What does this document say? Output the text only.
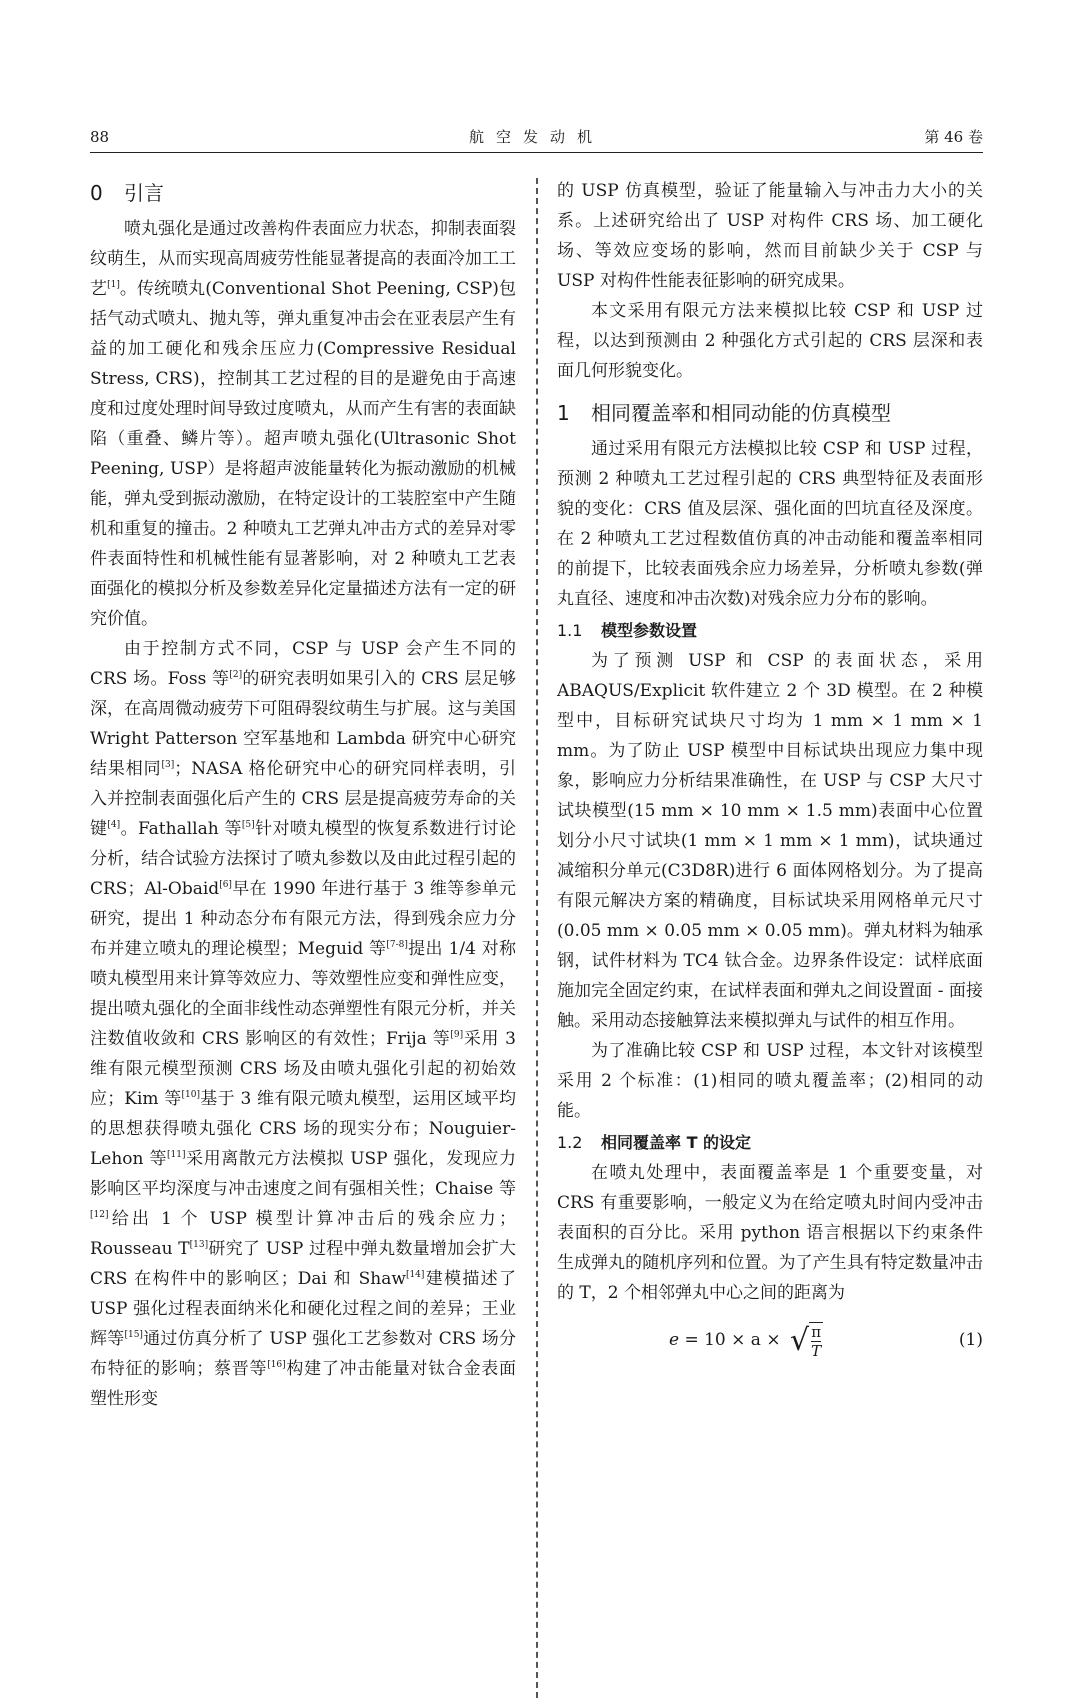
88	航空发动机	第 46 卷
0 引言

喷丸强化是通过改善构件表面应力状态，抑制表面裂纹萌生，从而实现高周疲劳性能显著提高的表面冷加工工艺[1]。传统喷丸(Conventional Shot Peening, CSP)包括气动式喷丸、抛丸等，弹丸重复冲击会在亚表层产生有益的加工硬化和残余压应力(Compressive Residual Stress, CRS)，控制其工艺过程的目的是避免由于高速度和过度处理时间导致过度喷丸，从而产生有害的表面缺陷（重叠、鳞片等）。超声喷丸强化(Ultrasonic Shot Peening, USP）是将超声波能量转化为振动激励的机械能，弹丸受到振动激励，在特定设计的工装腔室中产生随机和重复的撞击。2 种喷丸工艺弹丸冲击方式的差异对零件表面特性和机械性能有显著影响，对 2 种喷丸工艺表面强化的模拟分析及参数差异化定量描述方法有一定的研究价值。

由于控制方式不同，CSP 与 USP 会产生不同的 CRS 场。Foss 等[2]的研究表明如果引入的 CRS 层足够深，在高周微动疲劳下可阻碍裂纹萌生与扩展。这与美国 Wright Patterson 空军基地和 Lambda 研究中心研究结果相同[3]；NASA 格伦研究中心的研究同样表明，引入并控制表面强化后产生的 CRS 层是提高疲劳寿命的关键[4]。Fathallah 等[5]针对喷丸模型的恢复系数进行讨论分析，结合试验方法探讨了喷丸参数以及由此过程引起的 CRS；Al-Obaid[6]早在 1990 年进行基于 3 维等参单元研究，提出 1 种动态分布有限元方法，得到残余应力分布并建立喷丸的理论模型；Meguid 等[7-8]提出 1/4 对称喷丸模型用来计算等效应力、等效塑性应变和弹性应变，提出喷丸强化的全面非线性动态弹塑性有限元分析，并关注数值收敛和 CRS 影响区的有效性；Frija 等[9]采用 3 维有限元模型预测 CRS 场及由喷丸强化引起的初始效应；Kim 等[10]基于 3 维有限元喷丸模型，运用区域平均的思想获得喷丸强化 CRS 场的现实分布；Nouguier-Lehon 等[11]采用离散元方法模拟 USP 强化，发现应力影响区平均深度与冲击速度之间有强相关性；Chaise 等[12]给出 1 个 USP 模型计算冲击后的残余应力；Rousseau T[13]研究了 USP 过程中弹丸数量增加会扩大 CRS 在构件中的影响区；Dai 和 Shaw[14]建模描述了 USP 强化过程表面纳米化和硬化过程之间的差异；王业辉等[15]通过仿真分析了 USP 强化工艺参数对 CRS 场分布特征的影响；蔡晋等[16]构建了冲击能量对钛合金表面塑性形变

的 USP 仿真模型，验证了能量输入与冲击力大小的关系。上述研究给出了 USP 对构件 CRS 场、加工硬化场、等效应变场的影响，然而目前缺少关于 CSP 与 USP 对构件性能表征影响的研究成果。

本文采用有限元方法来模拟比较 CSP 和 USP 过程，以达到预测由 2 种强化方式引起的 CRS 层深和表面几何形貌变化。

1 相同覆盖率和相同动能的仿真模型

通过采用有限元方法模拟比较 CSP 和 USP 过程，预测 2 种喷丸工艺过程引起的 CRS 典型特征及表面形貌的变化：CRS 值及层深、强化面的凹坑直径及深度。在 2 种喷丸工艺过程数值仿真的冲击动能和覆盖率相同的前提下，比较表面残余应力场差异，分析喷丸参数(弹丸直径、速度和冲击次数)对残余应力分布的影响。

1.1 模型参数设置

为了预测 USP 和 CSP 的表面状态，采用 ABAQUS/Explicit 软件建立 2 个 3D 模型。在 2 种模型中，目标研究试块尺寸均为 1 mm × 1 mm × 1 mm。为了防止 USP 模型中目标试块出现应力集中现象，影响应力分析结果准确性，在 USP 与 CSP 大尺寸试块模型(15 mm × 10 mm × 1.5 mm)表面中心位置划分小尺寸试块(1 mm × 1 mm × 1 mm)，试块通过减缩积分单元(C3D8R)进行 6 面体网格划分。为了提高有限元解决方案的精确度，目标试块采用网格单元尺寸(0.05 mm × 0.05 mm × 0.05 mm)。弹丸材料为轴承钢，试件材料为 TC4 钛合金。边界条件设定：试样底面施加完全固定约束，在试样表面和弹丸之间设置面 - 面接触。采用动态接触算法来模拟弹丸与试件的相互作用。

为了准确比较 CSP 和 USP 过程，本文针对该模型采用 2 个标准：(1)相同的喷丸覆盖率；(2)相同的动能。

1.2 相同覆盖率 T 的设定

在喷丸处理中，表面覆盖率是 1 个重要变量，对 CRS 有重要影响，一般定义为在给定喷丸时间内受冲击表面积的百分比。采用 python 语言根据以下约束条件生成弹丸的随机序列和位置。为了产生具有特定数量冲击的 T，2 个相邻弹丸中心之间的距离为

e = 10 × a × √ $\frac{\pi}{T}$	(1)
